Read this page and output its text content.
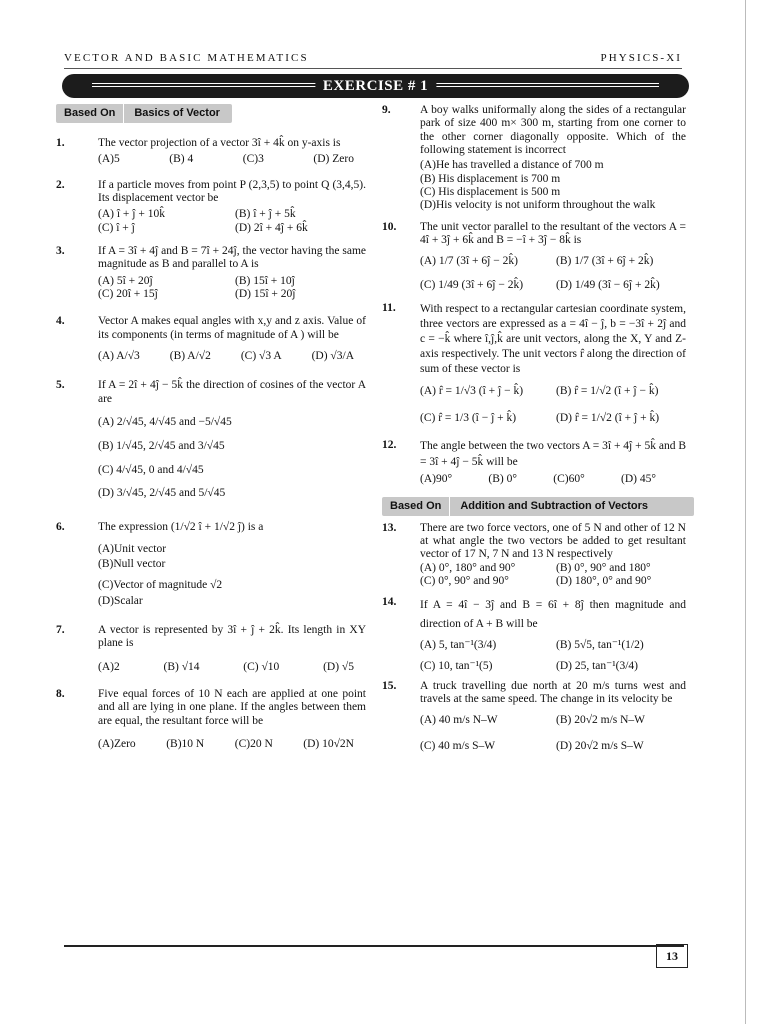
VECTOR AND BASIC MATHEMATICS	PHYSICS-XI
EXERCISE # 1
Based On Basics of Vector
1.	The vector projection of a vector 3î + 4k̂ on y-axis is
(A)5	(B) 4	(C)3	(D) Zero
2.	If a particle moves from point P (2,3,5) to point Q (3,4,5). Its displacement vector be
(A) î + ĵ + 10k̂	(B) î + ĵ + 5k̂
(C) î + ĵ	(D) 2î + 4ĵ + 6k̂
3.	If A = 3î + 4ĵ and B = 7î + 24ĵ, the vector having the same magnitude as B and parallel to A is
(A) 5î + 20ĵ	(B) 15î + 10ĵ
(C) 20î + 15ĵ	(D) 15î + 20ĵ
4.	Vector A makes equal angles with x,y and z axis. Value of its components (in terms of magnitude of A ) will be
(A) A/√3	(B) A/√2	(C) √3 A	(D) √3/A
5.	If A = 2î + 4ĵ − 5k̂ the direction of cosines of the vector A are
(A) 2/√45, 4/√45 and −5/√45
(B) 1/√45, 2/√45 and 3/√45
(C) 4/√45, 0 and 4/√45
(D) 3/√45, 2/√45 and 5/√45
6.	The expression (1/√2 î + 1/√2 ĵ) is a
(A)Unit vector
(B)Null vector
(C)Vector of magnitude √2
(D)Scalar
7.	A vector is represented by 3î + ĵ + 2k̂. Its length in XY plane is
(A)2	(B) √14	(C) √10	(D) √5
8.	Five equal forces of 10 N each are applied at one point and all are lying in one plane. If the angles between them are equal, the resultant force will be
(A)Zero	(B)10 N	(C)20 N	(D) 10√2N
9.	A boy walks uniformally along the sides of a rectangular park of size 400 m× 300 m, starting from one corner to the other corner diagonally opposite. Which of the following statement is incorrect
(A)He has travelled a distance of 700 m
(B) His displacement is 700 m
(C) His displacement is 500 m
(D)His velocity is not uniform throughout the walk
10. The unit vector parallel to the resultant of the vectors A = 4î + 3ĵ + 6k̂ and B = −î + 3ĵ − 8k̂ is
(A) 1/7 (3î + 6ĵ − 2k̂)	(B) 1/7 (3î + 6ĵ + 2k̂)
(C) 1/49 (3î + 6ĵ − 2k̂)	(D) 1/49 (3î − 6ĵ + 2k̂)
11. With respect to a rectangular cartesian coordinate system, three vectors are expressed as a = 4î − ĵ, b = −3î + 2ĵ and c = −k̂ where î,ĵ,k̂ are unit vectors, along the X, Y and Z-axis respectively. The unit vectors r̂ along the direction of sum of these vector is
(A) r̂ = 1/√3 (î + ĵ − k̂)	(B) r̂ = 1/√2 (î + ĵ − k̂)
(C) r̂ = 1/3 (î − ĵ + k̂)	(D) r̂ = 1/√2 (î + ĵ + k̂)
12. The angle between the two vectors A = 3î + 4ĵ + 5k̂ and B = 3î + 4ĵ − 5k̂ will be
(A)90°	(B) 0°	(C)60°	(D) 45°
Based On Addition and Subtraction of Vectors
13. There are two force vectors, one of 5 N and other of 12 N at what angle the two vectors be added to get resultant vector of 17 N, 7 N and 13 N respectively
(A) 0°, 180° and 90°	(B) 0°, 90° and 180°
(C) 0°, 90° and 90°	(D) 180°, 0° and 90°
14. If A = 4î − 3ĵ and B = 6î + 8ĵ then magnitude and direction of A + B will be
(A) 5, tan⁻¹(3/4)	(B) 5√5, tan⁻¹(1/2)
(C) 10, tan⁻¹(5)	(D) 25, tan⁻¹(3/4)
15. A truck travelling due north at 20 m/s turns west and travels at the same speed. The change in its velocity be
(A) 40 m/s N–W	(B) 20√2 m/s N–W
(C) 40 m/s S–W	(D) 20√2 m/s S–W
13
